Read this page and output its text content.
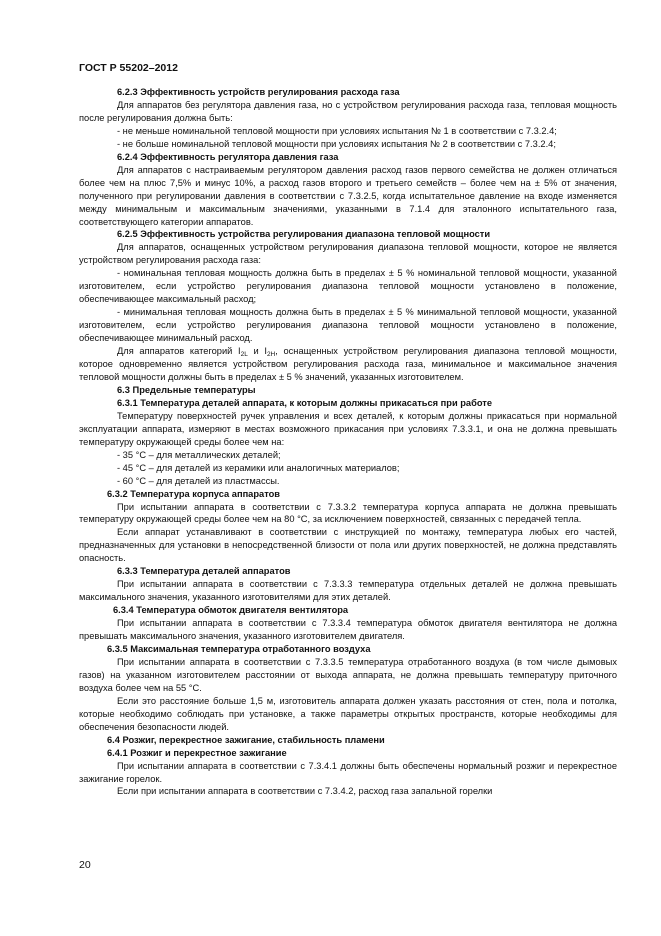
ГОСТ Р 55202–2012

6.2.3 Эффективность устройств регулирования расхода газа

Для аппаратов без регулятора давления газа, но с устройством регулирования расхода газа, тепловая мощность после регулирования должна быть:

- не меньше номинальной тепловой мощности при условиях испытания № 1 в соответствии с 7.3.2.4;

- не больше номинальной тепловой мощности при условиях испытания № 2 в соответствии с 7.3.2.4;

6.2.4 Эффективность регулятора давления газа

Для аппаратов с настраиваемым регулятором давления расход газов первого семейства не должен отличаться более чем на плюс 7,5% и минус 10%, а расход газов второго и третьего семейств – более чем на ± 5% от значения, полученного при регулировании давления в соответствии с 7.3.2.5, когда испытательное давление на входе изменяется между минимальным и максимальным значениями, указанными в 7.1.4 для эталонного испытательного газа, соответствующего категории аппаратов.

6.2.5 Эффективность устройства регулирования диапазона тепловой мощности

Для аппаратов, оснащенных устройством регулирования диапазона тепловой мощности, которое не является устройством регулирования расхода газа:

- номинальная тепловая мощность должна быть в пределах ± 5 % номинальной тепловой мощности, указанной изготовителем, если устройство регулирования диапазона тепловой мощности установлено в положение, обеспечивающее максимальный расход;

- минимальная тепловая мощность должна быть в пределах ± 5 % минимальной тепловой мощности, указанной изготовителем, если устройство регулирования диапазона тепловой мощности установлено в положение, обеспечивающее минимальный расход.

Для аппаратов категорий $I_{2L}$ и $I_{2H}$, оснащенных устройством регулирования диапазона тепловой мощности, которое одновременно является устройством регулирования расхода газа, минимальное и максимальное значения тепловой мощности должны быть в пределах ± 5 % значений, указанных изготовителем.

6.3 Предельные температуры

6.3.1 Температура деталей аппарата, к которым должны прикасаться при работе

Температуру поверхностей ручек управления и всех деталей, к которым должны прикасаться при нормальной эксплуатации аппарата, измеряют в местах возможного прикасания при условиях 7.3.3.1, и она не должна превышать температуру окружающей среды более чем на:

- 35 °С – для металлических деталей;

- 45 °С – для деталей из керамики или аналогичных материалов;

- 60 °С – для деталей из пластмассы.

6.3.2 Температура корпуса аппаратов

При испытании аппарата в соответствии с 7.3.3.2 температура корпуса аппарата не должна превышать температуру окружающей среды более чем на 80 °С, за исключением поверхностей, связанных с передачей тепла.

Если аппарат устанавливают в соответствии с инструкцией по монтажу, температура любых его частей, предназначенных для установки в непосредственной близости от пола или других поверхностей, не должна представлять опасность.

6.3.3 Температура деталей аппаратов

При испытании аппарата в соответствии с 7.3.3.3 температура отдельных деталей не должна превышать максимального значения, указанного изготовителями для этих деталей.

6.3.4 Температура обмоток двигателя вентилятора

При испытании аппарата в соответствии с 7.3.3.4 температура обмоток двигателя вентилятора не должна превышать максимального значения, указанного изготовителем двигателя.

6.3.5 Максимальная температура отработанного воздуха

При испытании аппарата в соответствии с 7.3.3.5 температура отработанного воздуха (в том числе дымовых газов) на указанном изготовителем расстоянии от выхода аппарата, не должна превышать температуру приточного воздуха более чем на 55 °С.

Если это расстояние больше 1,5 м, изготовитель аппарата должен указать расстояния от стен, пола и потолка, которые необходимо соблюдать при установке, а также параметры открытых пространств, которые необходимы для обеспечения безопасности людей.

6.4 Розжиг, перекрестное зажигание, стабильность пламени

6.4.1 Розжиг и перекрестное зажигание

При испытании аппарата в соответствии с 7.3.4.1 должны быть обеспечены нормальный розжиг и перекрестное зажигание горелок.

Если при испытании аппарата в соответствии с 7.3.4.2, расход газа запальной горелки

20
